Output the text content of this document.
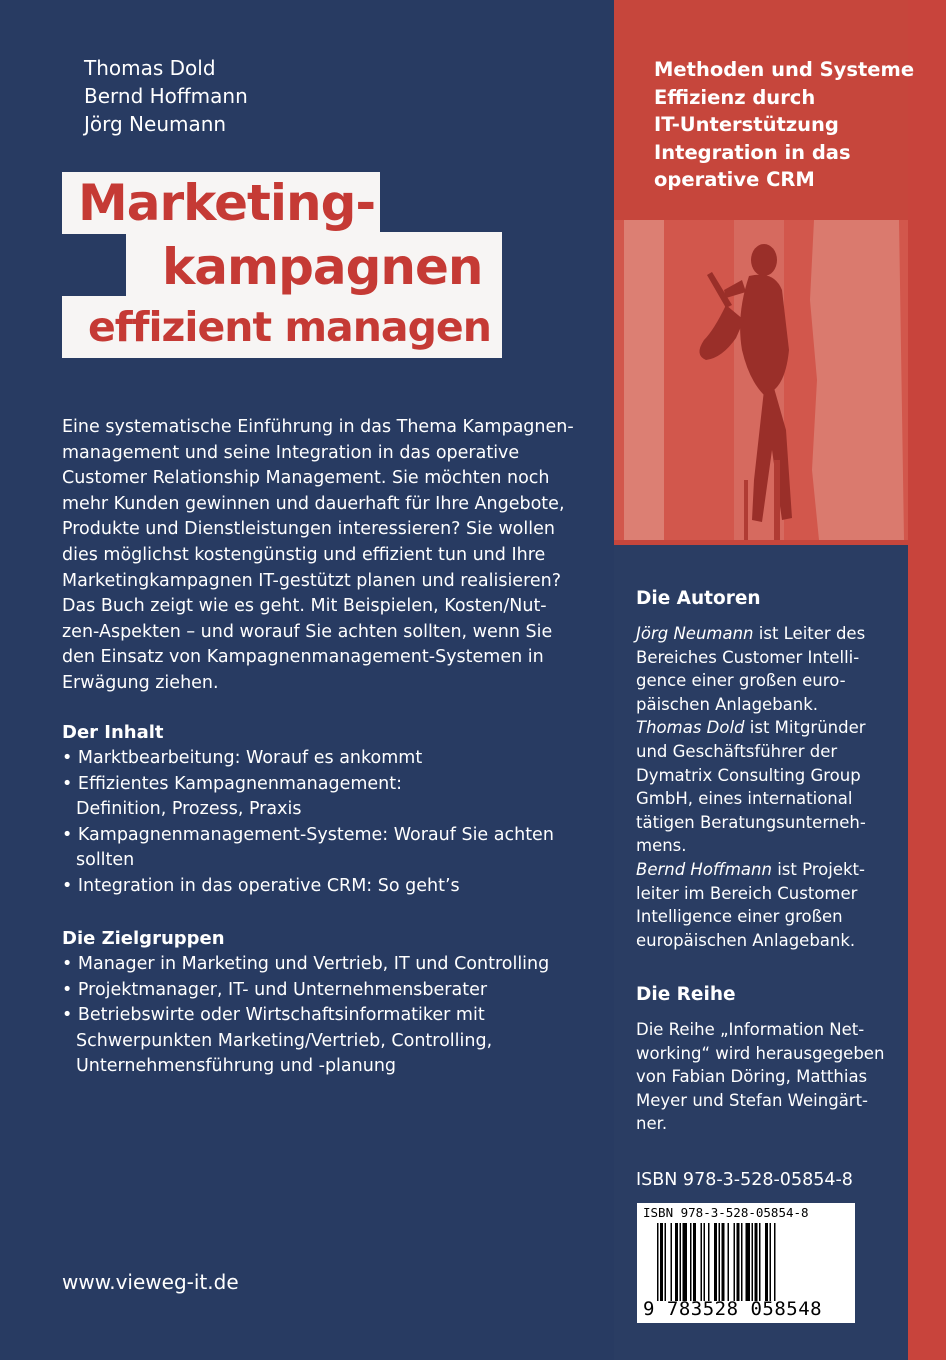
Thomas Dold
Bernd Hoffmann
Jörg Neumann
Marketing-
kampagnen
effizient managen
Eine systematische Einführung in das Thema Kampagnen-
management und seine Integration in das operative
Customer Relationship Management. Sie möchten noch
mehr Kunden gewinnen und dauerhaft für Ihre Angebote,
Produkte und Dienstleistungen interessieren? Sie wollen
dies möglichst kostengünstig und effizient tun und Ihre
Marketingkampagnen IT-gestützt planen und realisieren?
Das Buch zeigt wie es geht. Mit Beispielen, Kosten/Nut-
zen-Aspekten – und worauf Sie achten sollten, wenn Sie
den Einsatz von Kampagnenmanagement-Systemen in
Erwägung ziehen.
Der Inhalt
• Marktbearbeitung: Worauf es ankommt
• Effizientes Kampagnenmanagement:
Definition, Prozess, Praxis
• Kampagnenmanagement-Systeme: Worauf Sie achten
sollten
• Integration in das operative CRM: So geht’s
Die Zielgruppen
• Manager in Marketing und Vertrieb, IT und Controlling
• Projektmanager, IT- und Unternehmensberater
• Betriebswirte oder Wirtschaftsinformatiker mit
Schwerpunkten Marketing/Vertrieb, Controlling,
Unternehmensführung und -planung
www.vieweg-it.de
Methoden und Systeme
Effizienz durch
IT-Unterstützung
Integration in das
operative CRM
Die Autoren
Jörg Neumann ist Leiter des
Bereiches Customer Intelli-
gence einer großen euro-
päischen Anlagebank.
Thomas Dold ist Mitgründer
und Geschäftsführer der
Dymatrix Consulting Group
GmbH, eines international
tätigen Beratungsunterneh-
mens.
Bernd Hoffmann ist Projekt-
leiter im Bereich Customer
Intelligence einer großen
europäischen Anlagebank.
Die Reihe
Die Reihe „Information Net-
working“ wird herausgegeben
von Fabian Döring, Matthias
Meyer und Stefan Weingärt-
ner.
ISBN 978-3-528-05854-8
ISBN 978-3-528-05854-8
9 783528 058548
